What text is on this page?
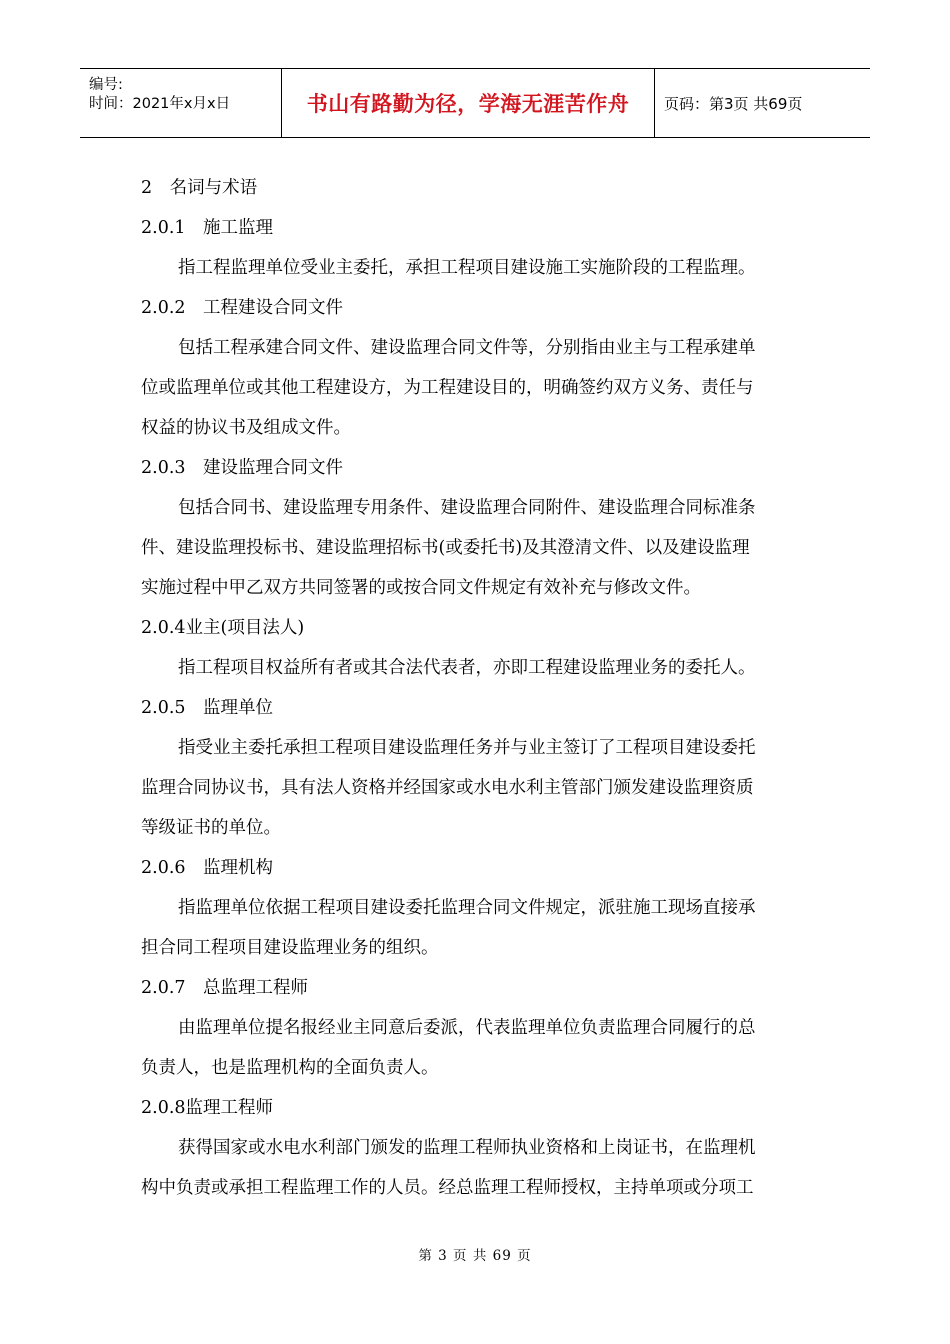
编号:
时间：2021年x月x日	书山有路勤为径，学海无涯苦作舟 页码：第3页 共69页
2　名词与术语
2.0.1　施工监理
指工程监理单位受业主委托，承担工程项目建设施工实施阶段的工程监理。
2.0.2　工程建设合同文件
包括工程承建合同文件、建设监理合同文件等，分别指由业主与工程承建单
位或监理单位或其他工程建设方，为工程建设目的，明确签约双方义务、责任与
权益的协议书及组成文件。
2.0.3　建设监理合同文件
包括合同书、建设监理专用条件、建设监理合同附件、建设监理合同标准条
件、建设监理投标书、建设监理招标书(或委托书)及其澄清文件、以及建设监理
实施过程中甲乙双方共同签署的或按合同文件规定有效补充与修改文件。
2.0.4业主(项目法人)
指工程项目权益所有者或其合法代表者，亦即工程建设监理业务的委托人。
2.0.5　监理单位
指受业主委托承担工程项目建设监理任务并与业主签订了工程项目建设委托
监理合同协议书，具有法人资格并经国家或水电水利主管部门颁发建设监理资质
等级证书的单位。
2.0.6　监理机构
指监理单位依据工程项目建设委托监理合同文件规定，派驻施工现场直接承
担合同工程项目建设监理业务的组织。
2.0.7　总监理工程师
由监理单位提名报经业主同意后委派，代表监理单位负责监理合同履行的总
负责人，也是监理机构的全面负责人。
2.0.8监理工程师
获得国家或水电水利部门颁发的监理工程师执业资格和上岗证书，在监理机
构中负责或承担工程监理工作的人员。经总监理工程师授权，主持单项或分项工
第 3 页 共 69 页
